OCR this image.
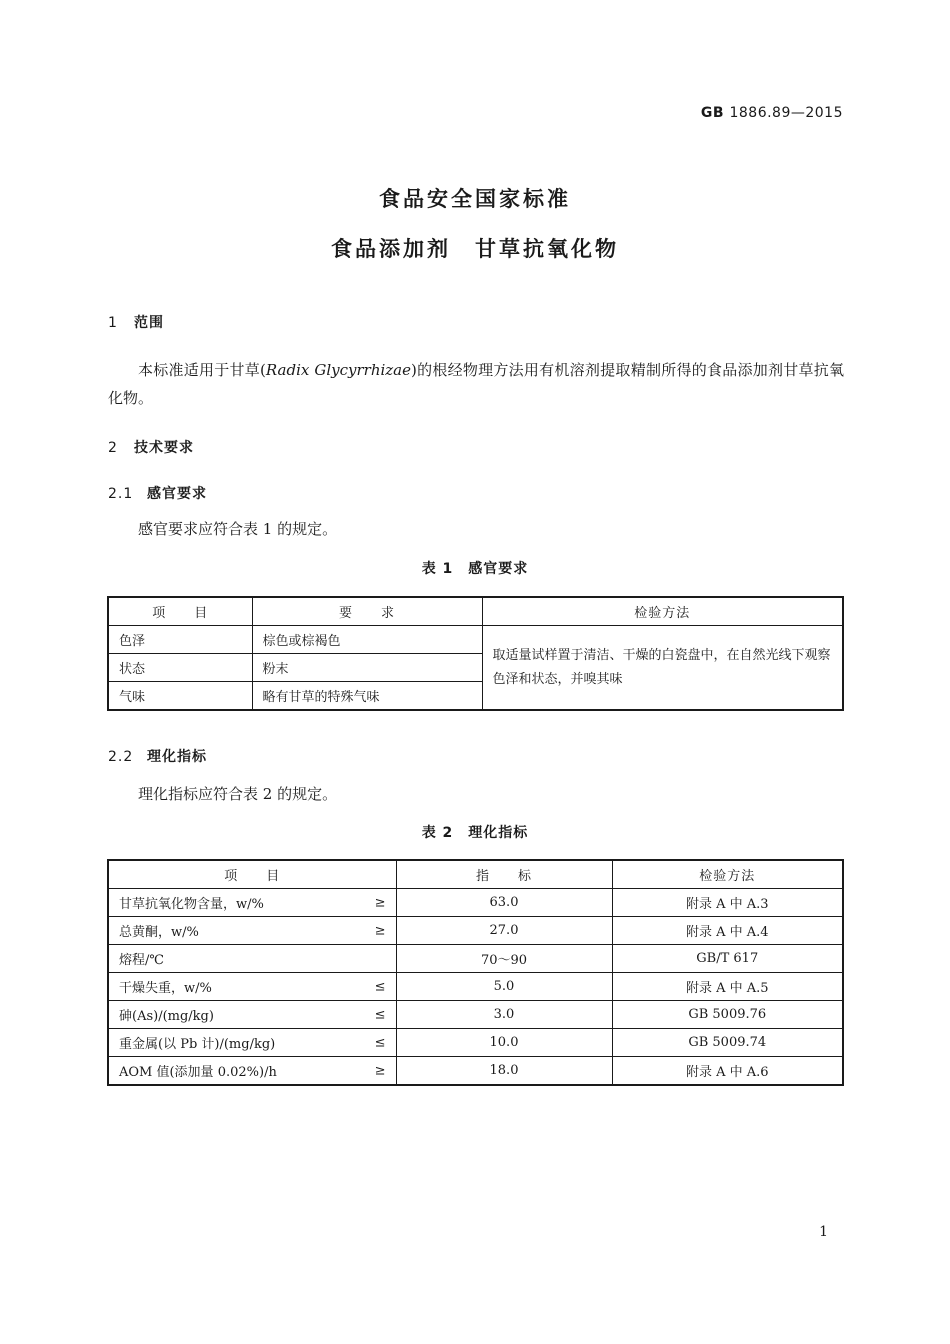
GB 1886.89—2015
食品安全国家标准
食品添加剂　甘草抗氧化物
1 范围
本标准适用于甘草(Radix Glycyrrhizae)的根经物理方法用有机溶剂提取精制所得的食品添加剂甘草抗氧化物。
2 技术要求
2.1 感官要求
感官要求应符合表 1 的规定。
表 1　感官要求
项　　目	要　　求	检验方法
色泽	棕色或棕褐色	取适量试样置于清洁、干燥的白瓷盘中，在自然光线下观察色泽和状态，并嗅其味
状态	粉末	
气味	略有甘草的特殊气味	
2.2 理化指标
理化指标应符合表 2 的规定。
表 2　理化指标
项　　目	指　　标	检验方法
甘草抗氧化物含量，w/% ≥	63.0	附录 A 中 A.3
总黄酮，w/% ≥	27.0	附录 A 中 A.4
熔程/℃	70～90	GB/T 617
干燥失重，w/% ≤	5.0	附录 A 中 A.5
砷(As)/(mg/kg) ≤	3.0	GB 5009.76
重金属(以 Pb 计)/(mg/kg) ≤	10.0	GB 5009.74
AOM 值(添加量 0.02%)/h ≥	18.0	附录 A 中 A.6
1
